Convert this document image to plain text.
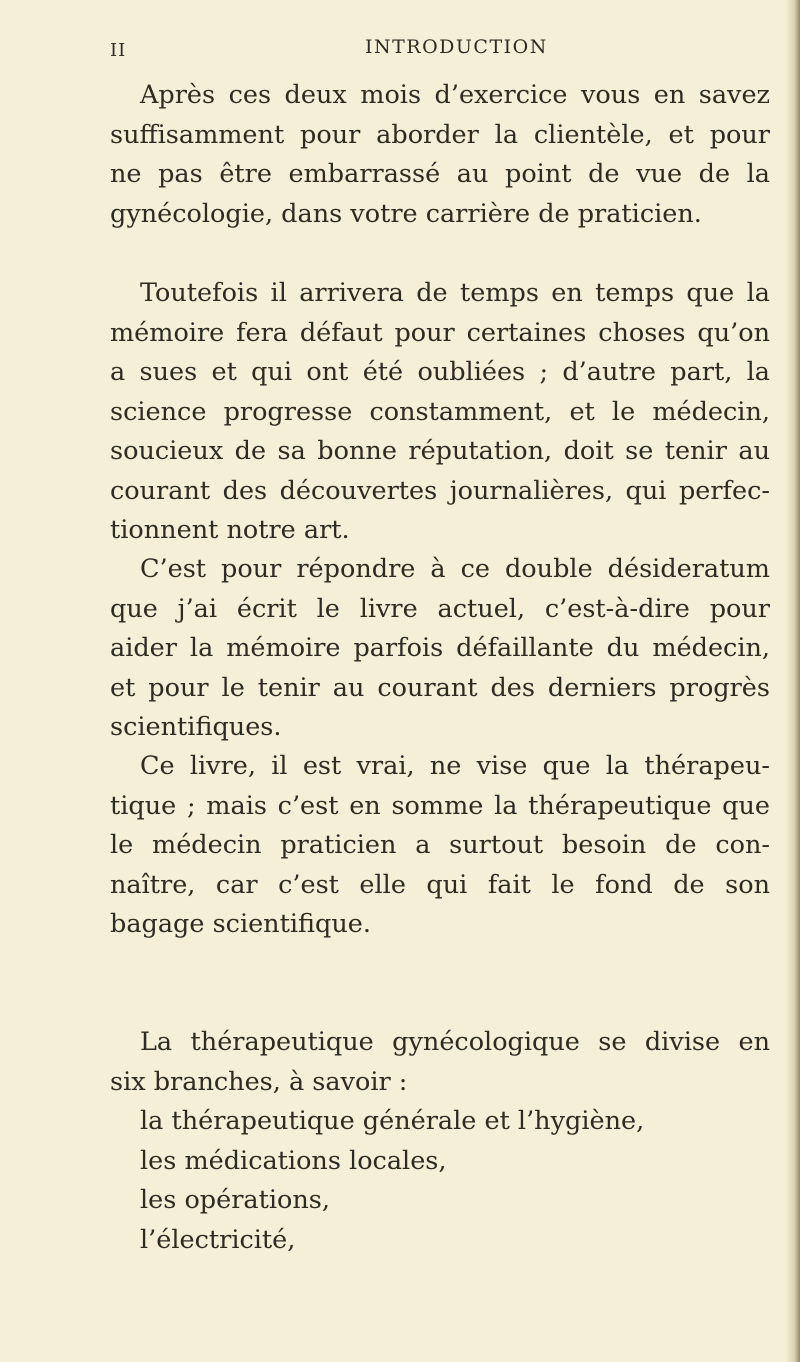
II	INTRODUCTION
Après ces deux mois d’exercice vous en savez
suffisamment pour aborder la clientèle, et pour
ne pas être embarrassé au point de vue de la
gynécologie, dans votre carrière de praticien.
Toutefois il arrivera de temps en temps que la
mémoire fera défaut pour certaines choses qu’on
a sues et qui ont été oubliées ; d’autre part, la
science progresse constamment, et le médecin,
soucieux de sa bonne réputation, doit se tenir au
courant des découvertes journalières, qui perfec-
tionnent notre art.
C’est pour répondre à ce double désideratum
que j’ai écrit le livre actuel, c’est-à-dire pour
aider la mémoire parfois défaillante du médecin,
et pour le tenir au courant des derniers progrès
scientifiques.
Ce livre, il est vrai, ne vise que la thérapeu-
tique ; mais c’est en somme la thérapeutique que
le médecin praticien a surtout besoin de con-
naître, car c’est elle qui fait le fond de son
bagage scientifique.
La thérapeutique gynécologique se divise en
six branches, à savoir :
la thérapeutique générale et l’hygiène,
les médications locales,
les opérations,
l’électricité,
